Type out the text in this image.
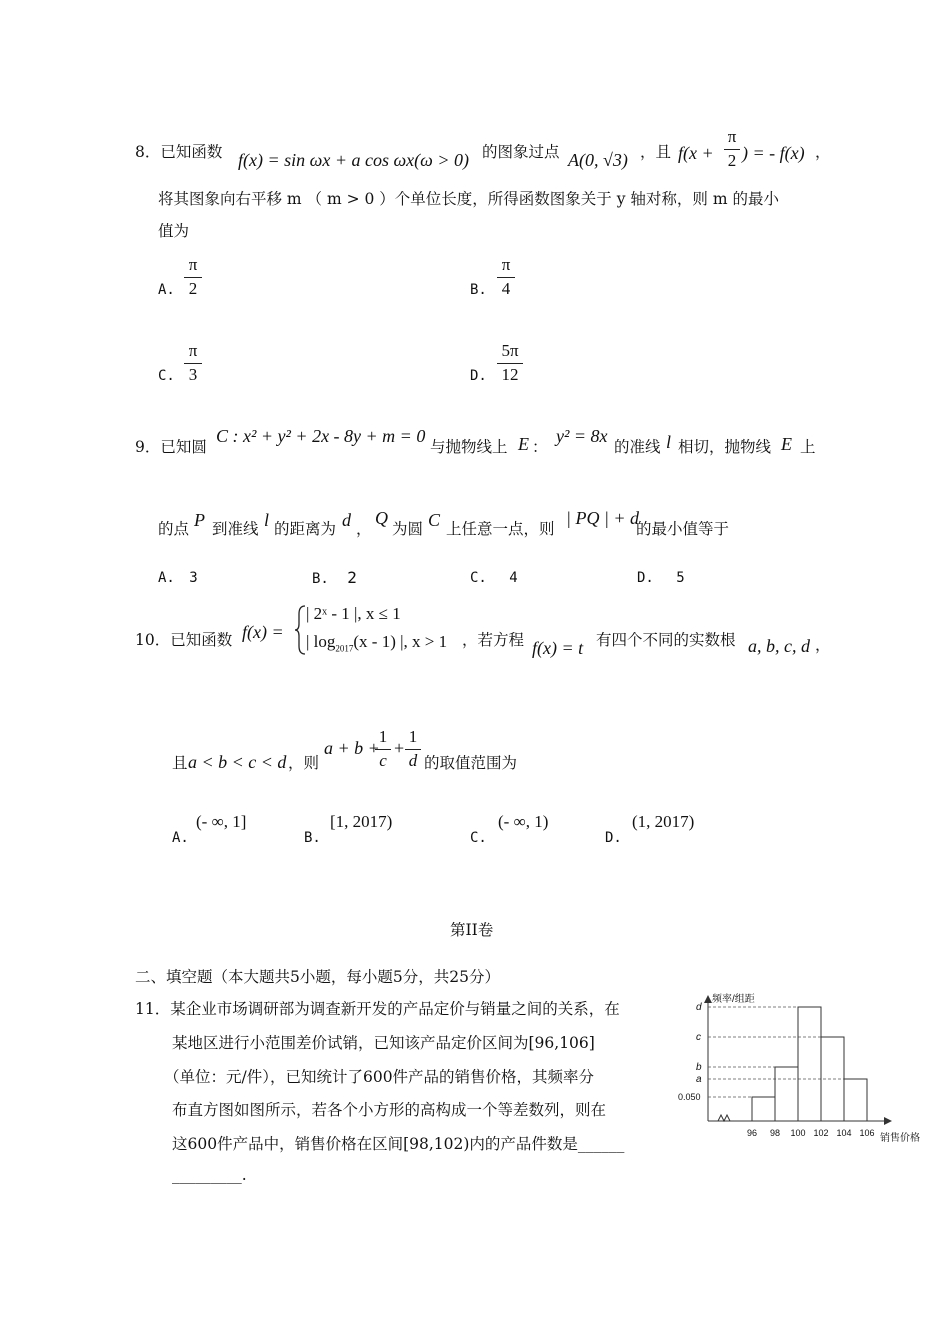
8．已知函数 f(x) = sin ωx + a cos ωx(ω > 0) 的图象过点 A(0, √3) ，且 f(x +
π
2 ) = - f(x) ，
将其图象向右平移 m （ m > 0 ）个单位长度，所得函数图象关于 y 轴对称，则 m 的最小
值为
A.
π
2	B.
π
4
C.
π
3	D.
5π
12
9．已知圆
C : x² + y² + 2x - 8y + m = 0
与抛物线上 E ：
y² = 8x
的准线 l 相切，抛物线 E 上
的点 P 到准线 l 的距离为 d ，
Q
为圆 C 上任意一点，则
| PQ | + d
的最小值等于
A. 3	B. 2	C. 4	D. 5
10．已知函数 f(x) =
| 2ˣ - 1 |, x ≤ 1
| $\log_{2017}(x - 1)$ |, x > 1 ，若方程 f(x) = t 有四个不同的实数根 a, b, c, d ，
且 a < b < c < d ，则
a + b +
1
c
+
1
d 的取值范围为
A.
(- ∞, 1]
B.
[1, 2017)
C.
(- ∞, 1)
D.
(1, 2017)
第II卷
二、填空题（本大题共5小题，每小题5分，共25分）
11．某企业市场调研部为调查新开发的产品定价与销量之间的关系，在
某地区进行小范围差价试销，已知该产品定价区间为[96,106]
（单位：元/件），已知统计了600件产品的销售价格，其频率分
布直方图如图所示，若各个小方形的高构成一个等差数列，则在
这600件产品中，销售价格在区间[98,102)内的产品件数是______
_________.
频率/组距
销售价格
d
c
b
a
0.050
96 98 100 102 104 106
